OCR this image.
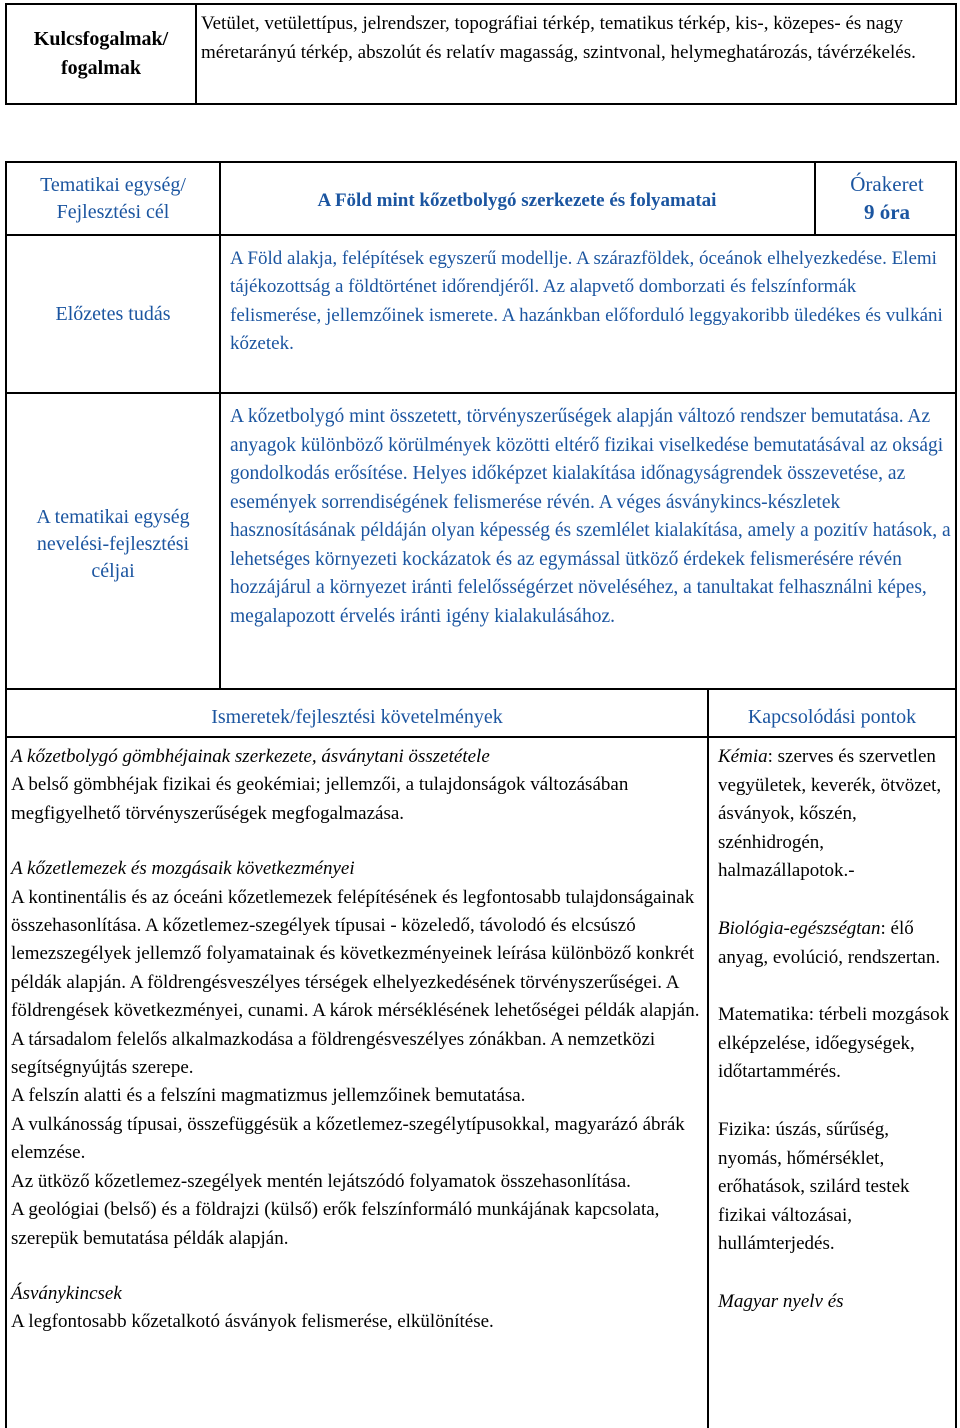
Kulcsfogalmak/
fogalmak

Vetület, vetülettípus, jelrendszer, topográfiai térkép, tematikus térkép, kis-, közepes- és nagy méretarányú térkép, abszolút és relatív magasság, szintvonal, helymeghatározás, távérzékelés.
Tematikai egység/
Fejlesztési cél
Előzetes tudás
A tematikai egység
nevelési-fejlesztési
céljai
A Föld mint kőzetbolygó szerkezete és folyamatai

Órakeret

9 óra

A Föld alakja, felépítések egyszerű modellje. A szárazföldek, óceánok elhelyezkedése. Elemi tájékozottság a földtörténet időrendjéről. Az alapvető domborzati és felszínformák felismerése, jellemzőinek ismerete. A hazánkban előforduló leggyakoribb üledékes és vulkáni kőzetek.
A kőzetbolygó mint összetett, törvényszerűségek alapján változó rendszer bemutatása. Az anyagok különböző körülmények közötti eltérő fizikai viselkedése bemutatásával az oksági gondolkodás erősítése. Helyes időképzet kialakítása időnagyságrendek összevetése, az események sorrendiségének felismerése révén. A véges ásványkincs-készletek hasznosításának példáján olyan képesség és szemlélet kialakítása, amely a pozitív hatások, a lehetséges környezeti kockázatok és az egymással ütköző érdekek felismerésére révén hozzájárul a környezet iránti felelősségérzet növeléséhez, a tanultakat felhasználni képes, megalapozott érvelés iránti igény kialakulásához.
Ismeretek/fejlesztési követelmények	Kapcsolódási pontok

A kőzetbolygó gömbhéjainak szerkezete, ásványtani összetétele

A belső gömbhéjak fizikai és geokémiai; jellemzői, a tulajdonságok változásában megfigyelhető törvényszerűségek megfogalmazása.

A kőzetlemezek és mozgásaik következményei

A kontinentális és az óceáni kőzetlemezek felépítésének és legfontosabb tulajdonságainak összehasonlítása. A kőzetlemez-szegélyek típusai - közeledő, távolodó és elcsúszó lemezszegélyek jellemző folyamatainak és következményeinek leírása különböző konkrét példák alapján. A földrengésveszélyes térségek elhelyezkedésének törvényszerűségei. A földrengések következményei, cunami. A károk mérséklésének lehetőségei példák alapján. A társadalom felelős alkalmazkodása a földrengésveszélyes zónákban. A nemzetközi segítségnyújtás szerepe.

A felszín alatti és a felszíni magmatizmus jellemzőinek bemutatása.

A vulkánosság típusai, összefüggésük a kőzetlemez-szegélytípusokkal, magyarázó ábrák elemzése.

Az ütköző kőzetlemez-szegélyek mentén lejátszódó folyamatok összehasonlítása.

A geológiai (belső) és a földrajzi (külső) erők felszínformáló munkájának kapcsolata, szerepük bemutatása példák alapján.

Ásványkincsek

A legfontosabb kőzetalkotó ásványok felismerése, elkülönítése.

Kémia: szerves és szervetlen vegyületek, keverék, ötvözet, ásványok, kőszén, szénhidrogén, halmazállapotok.-

Biológia-egészségtan: élő anyag, evolúció, rendszertan.

Matematika: térbeli mozgások elképzelése, időegységek, időtartammérés.

Fizika: úszás, sűrűség, nyomás, hőmérséklet, erőhatások, szilárd testek fizikai változásai, hullámterjedés.

Magyar nyelv és
